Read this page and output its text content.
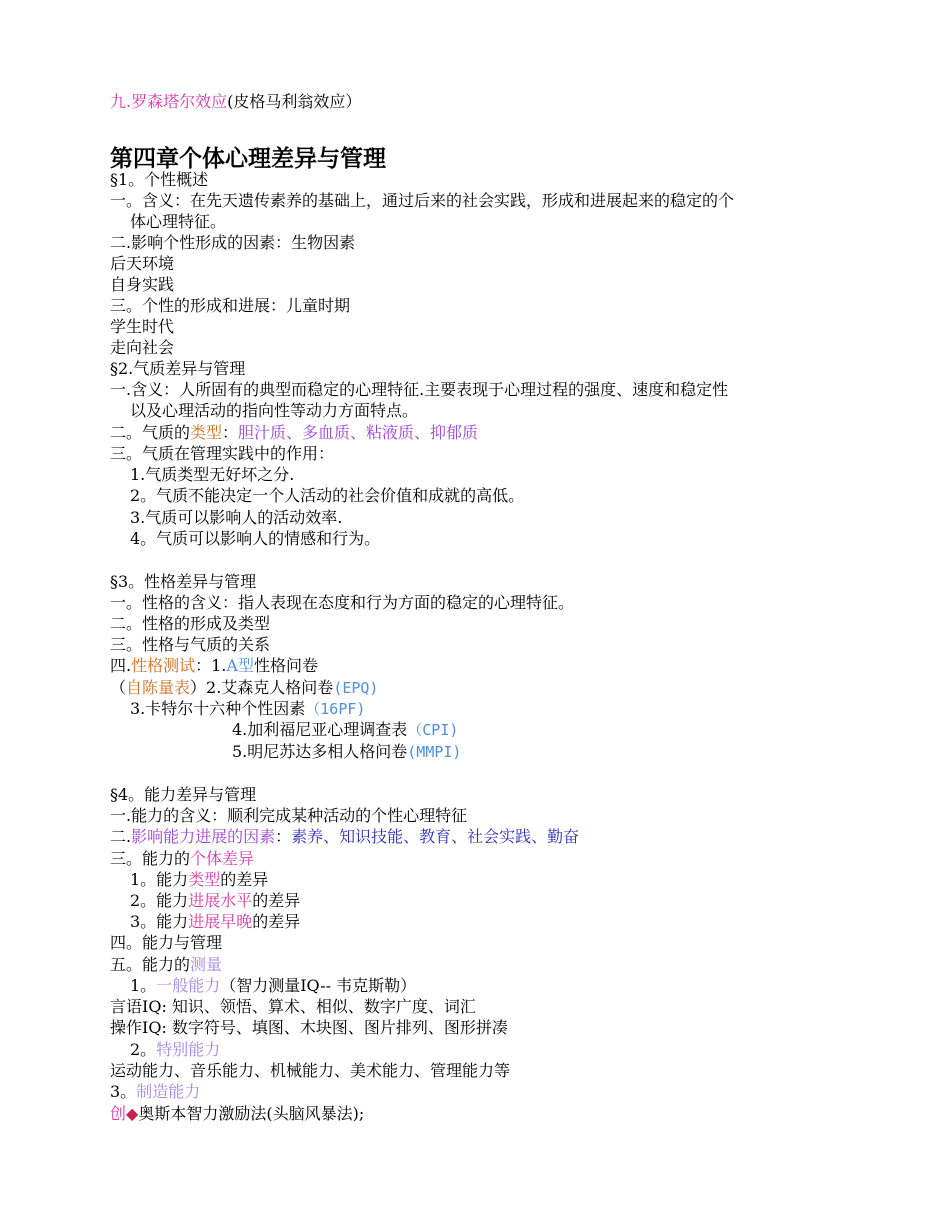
九.罗森塔尔效应(皮格马利翁效应）
第四章个体心理差异与管理
§1。个性概述
一。含义：在先天遗传素养的基础上，通过后来的社会实践，形成和进展起来的稳定的个
体心理特征。
二.影响个性形成的因素：生物因素
后天环境
自身实践
三。个性的形成和进展：儿童时期
学生时代
走向社会
§2.气质差异与管理
一.含义：人所固有的典型而稳定的心理特征.主要表现于心理过程的强度、速度和稳定性
以及心理活动的指向性等动力方面特点。
二。气质的类型：胆汁质、多血质、粘液质、抑郁质
三。气质在管理实践中的作用：
1.气质类型无好坏之分.
2。气质不能决定一个人活动的社会价值和成就的高低。
3.气质可以影响人的活动效率.
4。气质可以影响人的情感和行为。
§3。性格差异与管理
一。性格的含义：指人表现在态度和行为方面的稳定的心理特征。
二。性格的形成及类型
三。性格与气质的关系
四.性格测试：1.A型性格问卷
（自陈量表）2.艾森克人格问卷(EPQ)
3.卡特尔十六种个性因素（16PF)
4.加利福尼亚心理调查表（CPI)
5.明尼苏达多相人格问卷(MMPI)
§4。能力差异与管理
一.能力的含义：顺利完成某种活动的个性心理特征
二.影响能力进展的因素：素养、知识技能、教育、社会实践、勤奋
三。能力的个体差异
1。能力类型的差异
2。能力进展水平的差异
3。能力进展早晚的差异
四。能力与管理
五。能力的测量
1。一般能力（智力测量IQ-- 韦克斯勒）
言语IQ: 知识、领悟、算术、相似、数字广度、词汇
操作IQ: 数字符号、填图、木块图、图片排列、图形拼凑
2。特别能力
运动能力、音乐能力、机械能力、美术能力、管理能力等
3。制造能力
创◆奥斯本智力激励法(头脑风暴法);
